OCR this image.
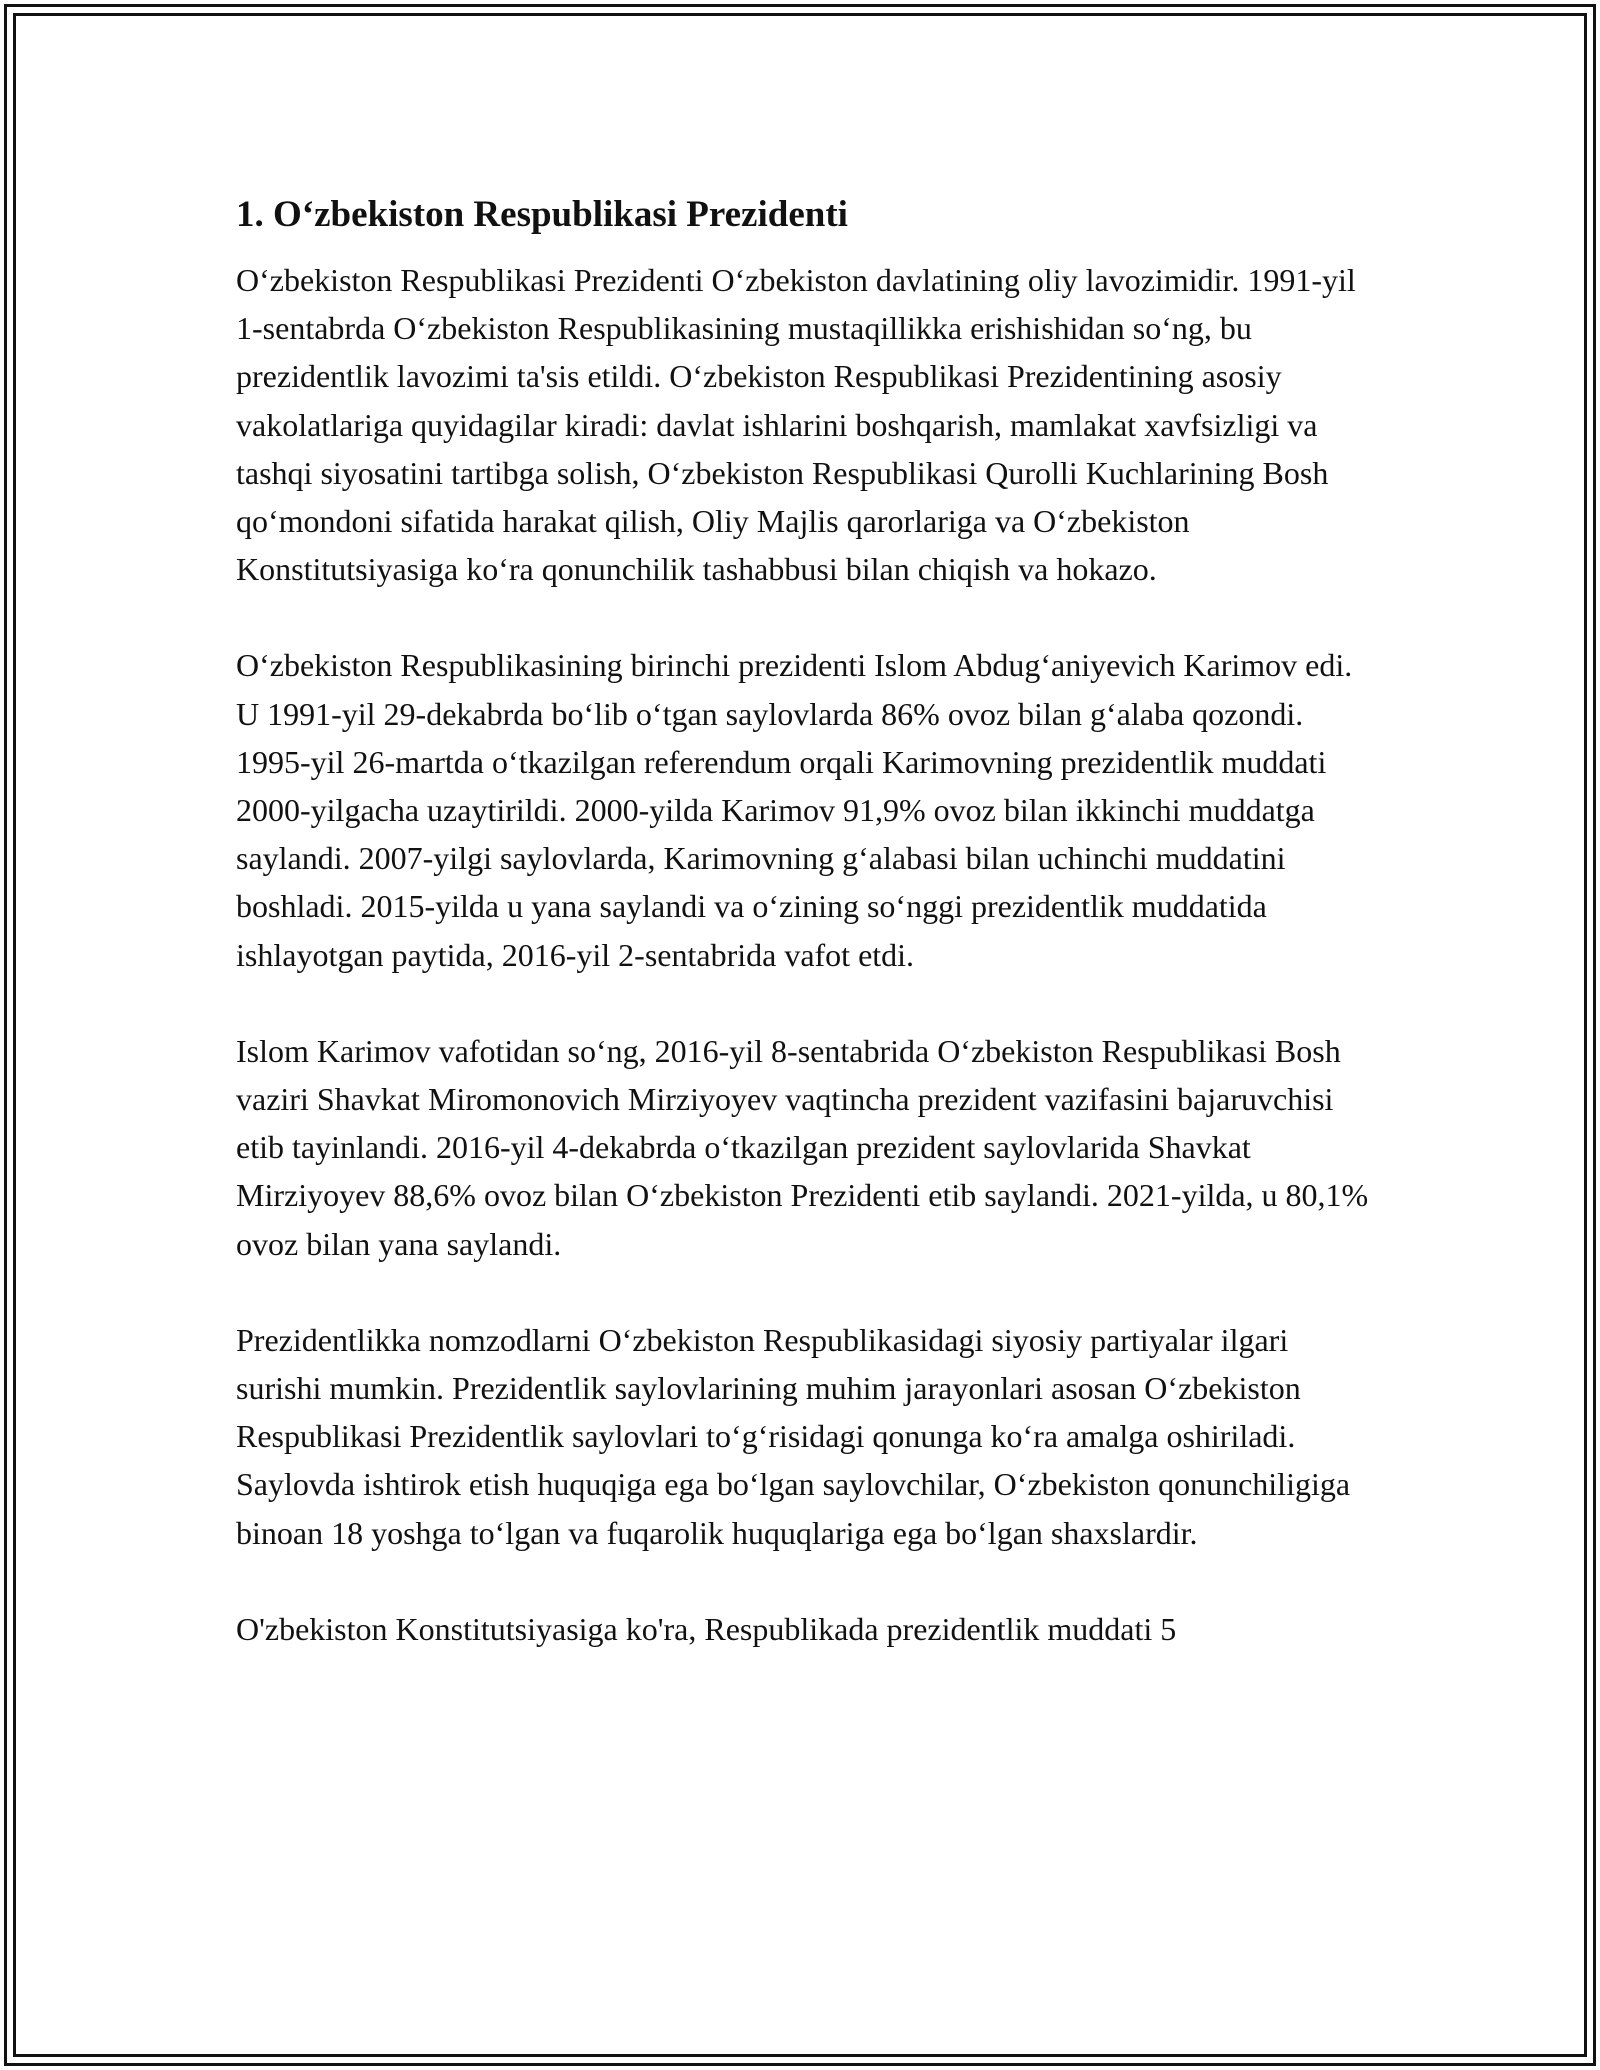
1. Oʻzbekiston Respublikasi Prezidenti

Oʻzbekiston Respublikasi Prezidenti Oʻzbekiston davlatining oliy lavozimidir. 1991-yil 1-sentabrda Oʻzbekiston Respublikasining mustaqillikka erishishidan soʻng, bu prezidentlik lavozimi ta'sis etildi. Oʻzbekiston Respublikasi Prezidentining asosiy vakolatlariga quyidagilar kiradi: davlat ishlarini boshqarish, mamlakat xavfsizligi va tashqi siyosatini tartibga solish, Oʻzbekiston Respublikasi Qurolli Kuchlarining Bosh qoʻmondoni sifatida harakat qilish, Oliy Majlis qarorlariga va Oʻzbekiston Konstitutsiyasiga koʻra qonunchilik tashabbusi bilan chiqish va hokazo.

Oʻzbekiston Respublikasining birinchi prezidenti Islom Abdugʻaniyevich Karimov edi. U 1991-yil 29-dekabrda boʻlib oʻtgan saylovlarda 86% ovoz bilan gʻalaba qozondi. 1995-yil 26-martda oʻtkazilgan referendum orqali Karimovning prezidentlik muddati 2000-yilgacha uzaytirildi. 2000-yilda Karimov 91,9% ovoz bilan ikkinchi muddatga saylandi. 2007-yilgi saylovlarda, Karimovning gʻalabasi bilan uchinchi muddatini boshladi. 2015-yilda u yana saylandi va oʻzining soʻnggi prezidentlik muddatida ishlayotgan paytida, 2016-yil 2-sentabrida vafot etdi.

Islom Karimov vafotidan soʻng, 2016-yil 8-sentabrida Oʻzbekiston Respublikasi Bosh vaziri Shavkat Miromonovich Mirziyoyev vaqtincha prezident vazifasini bajaruvchisi etib tayinlandi. 2016-yil 4-dekabrda oʻtkazilgan prezident saylovlarida Shavkat Mirziyoyev 88,6% ovoz bilan Oʻzbekiston Prezidenti etib saylandi. 2021-yilda, u 80,1% ovoz bilan yana saylandi.

Prezidentlikka nomzodlarni Oʻzbekiston Respublikasidagi siyosiy partiyalar ilgari surishi mumkin. Prezidentlik saylovlarining muhim jarayonlari asosan Oʻzbekiston Respublikasi Prezidentlik saylovlari toʻgʻrisidagi qonunga koʻra amalga oshiriladi. Saylovda ishtirok etish huquqiga ega boʻlgan saylovchilar, Oʻzbekiston qonunchiligiga binoan 18 yoshga toʻlgan va fuqarolik huquqlariga ega boʻlgan shaxslardir.

O'zbekiston Konstitutsiyasiga ko'ra, Respublikada prezidentlik muddati 5
